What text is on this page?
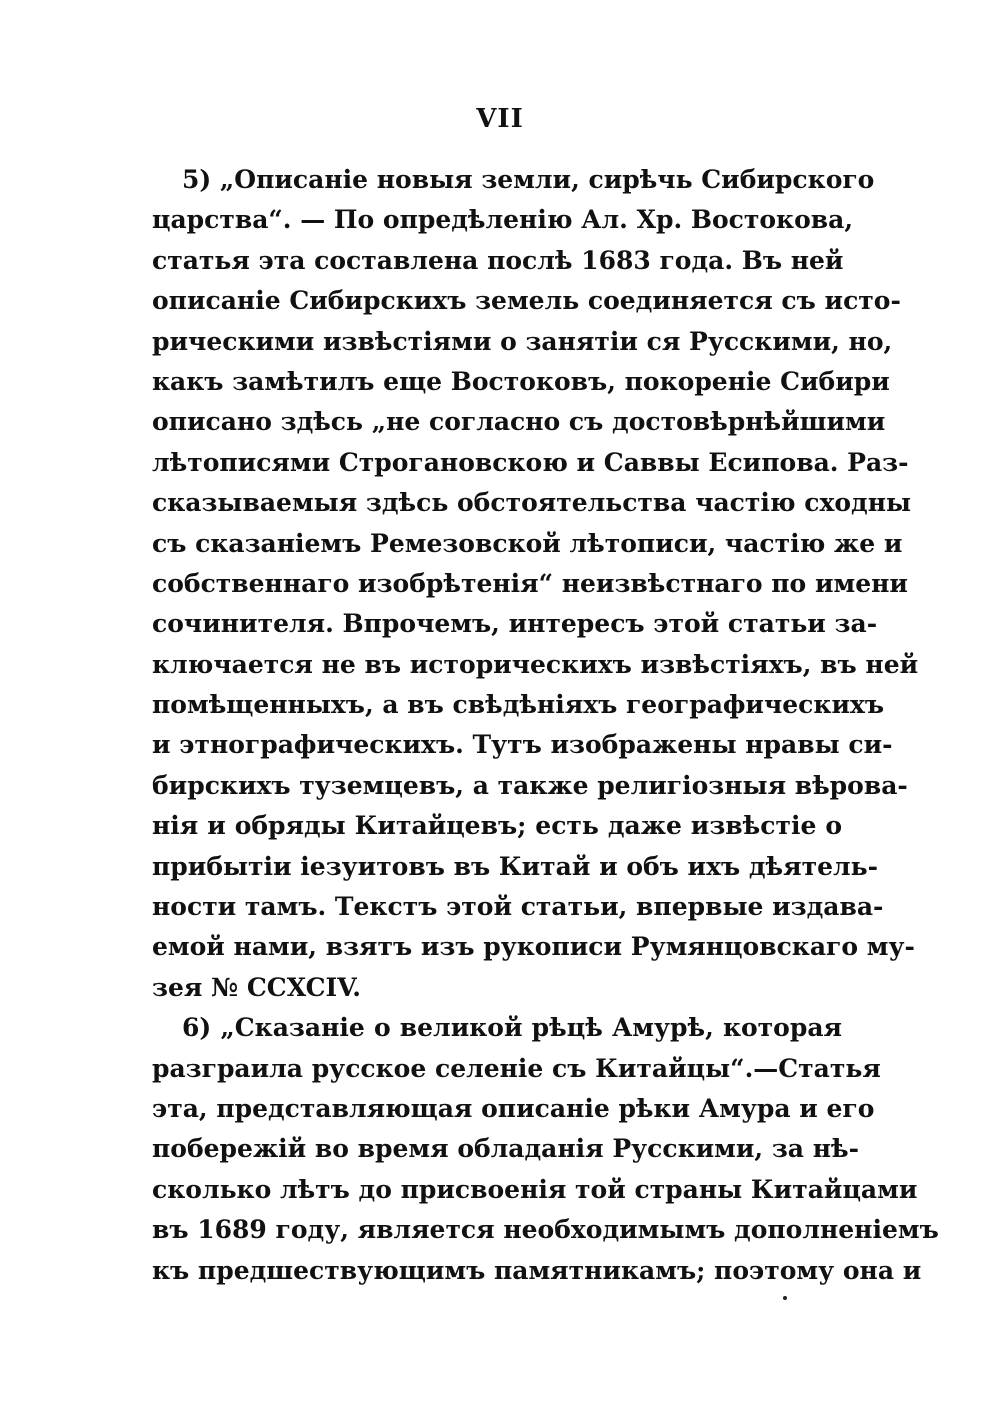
VII

5) „Описаніе новыя земли, сирѣчь Сибирского
царства“. — По опредѣленію Ал. Хр. Востокова,
статья эта составлена послѣ 1683 года. Въ ней
описаніе Сибирскихъ земель соединяется съ исто-
рическими извѣстіями о занятіи ся Русскими, но,
какъ замѣтилъ еще Востоковъ, покореніе Сибири
описано здѣсь „не согласно съ достовѣрнѣйшими
лѣтописями Строгановскою и Саввы Есипова. Раз-
сказываемыя здѣсь обстоятельства частію сходны
съ сказаніемъ Ремезовской лѣтописи, частію же и
собственнаго изобрѣтенія“ неизвѣстнаго по имени
сочинителя. Впрочемъ, интересъ этой статьи за-
ключается не въ историческихъ извѣстіяхъ, въ ней
помѣщенныхъ, а въ свѣдѣніяхъ географическихъ
и этнографическихъ. Тутъ изображены нравы си-
бирскихъ туземцевъ, а также религіозныя вѣрова-
нія и обряды Китайцевъ; есть даже извѣстіе о
прибытіи іезуитовъ въ Китай и объ ихъ дѣятель-
ности тамъ. Текстъ этой статьи, впервые издава-
емой нами, взятъ изъ рукописи Румянцовскаго му-
зея № CCXCIV.
6) „Сказаніе о великой рѣцѣ Амурѣ, которая
разграила русское селеніе съ Китайцы“.—Статья
эта, представляющая описаніе рѣки Амура и его
побережій во время обладанія Русскими, за нѣ-
сколько лѣтъ до присвоенія той страны Китайцами
въ 1689 году, является необходимымъ дополненіемъ
къ предшествующимъ памятникамъ; поэтому она и
